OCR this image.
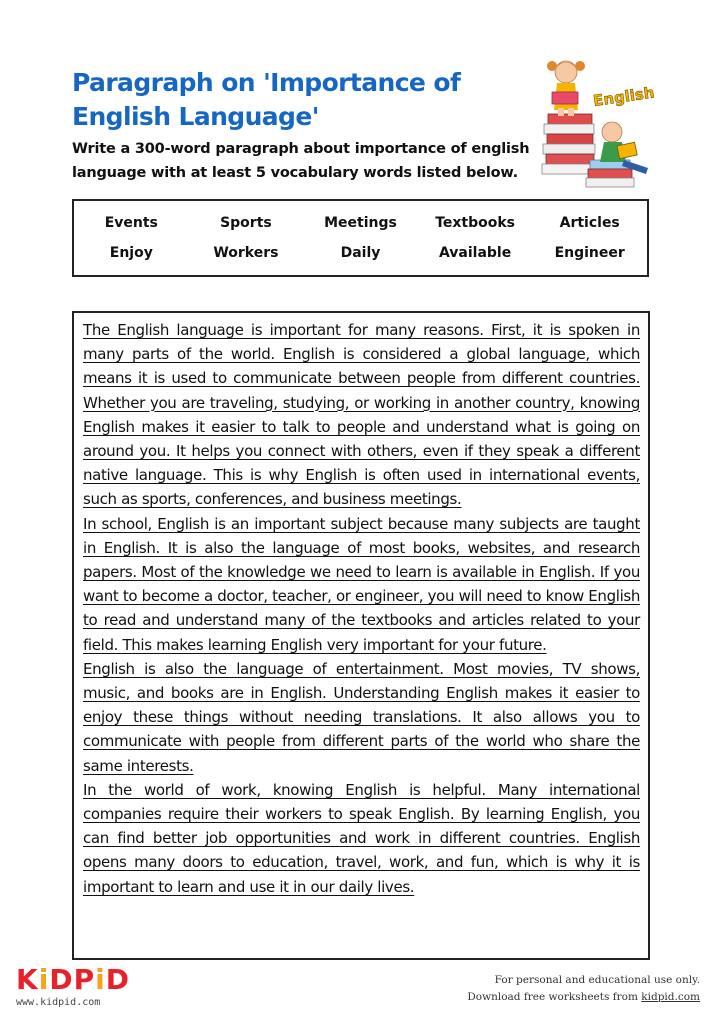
Paragraph on 'Importance of English Language'

Write a 300-word paragraph about importance of english language with at least 5 vocabulary words listed below.

English
Events	Sports	Meetings	Textbooks	Articles
Enjoy	Workers	Daily	Available	Engineer

The English language is important for many reasons. First, it is spoken in many parts of the world. English is considered a global language, which means it is used to communicate between people from different countries. Whether you are traveling, studying, or working in another country, knowing English makes it easier to talk to people and understand what is going on around you. It helps you connect with others, even if they speak a different native language. This is why English is often used in international events, such as sports, conferences, and business meetings.

In school, English is an important subject because many subjects are taught in English. It is also the language of most books, websites, and research papers. Most of the knowledge we need to learn is available in English. If you want to become a doctor, teacher, or engineer, you will need to know English to read and understand many of the textbooks and articles related to your field. This makes learning English very important for your future.

English is also the language of entertainment. Most movies, TV shows, music, and books are in English. Understanding English makes it easier to enjoy these things without needing translations. It also allows you to communicate with people from different parts of the world who share the same interests.

In the world of work, knowing English is helpful. Many international companies require their workers to speak English. By learning English, you can find better job opportunities and work in different countries. English opens many doors to education, travel, work, and fun, which is why it is important to learn and use it in our daily lives.

KiDPiD
www.kidpid.com
For personal and educational use only.
Download free worksheets from kidpid.com
